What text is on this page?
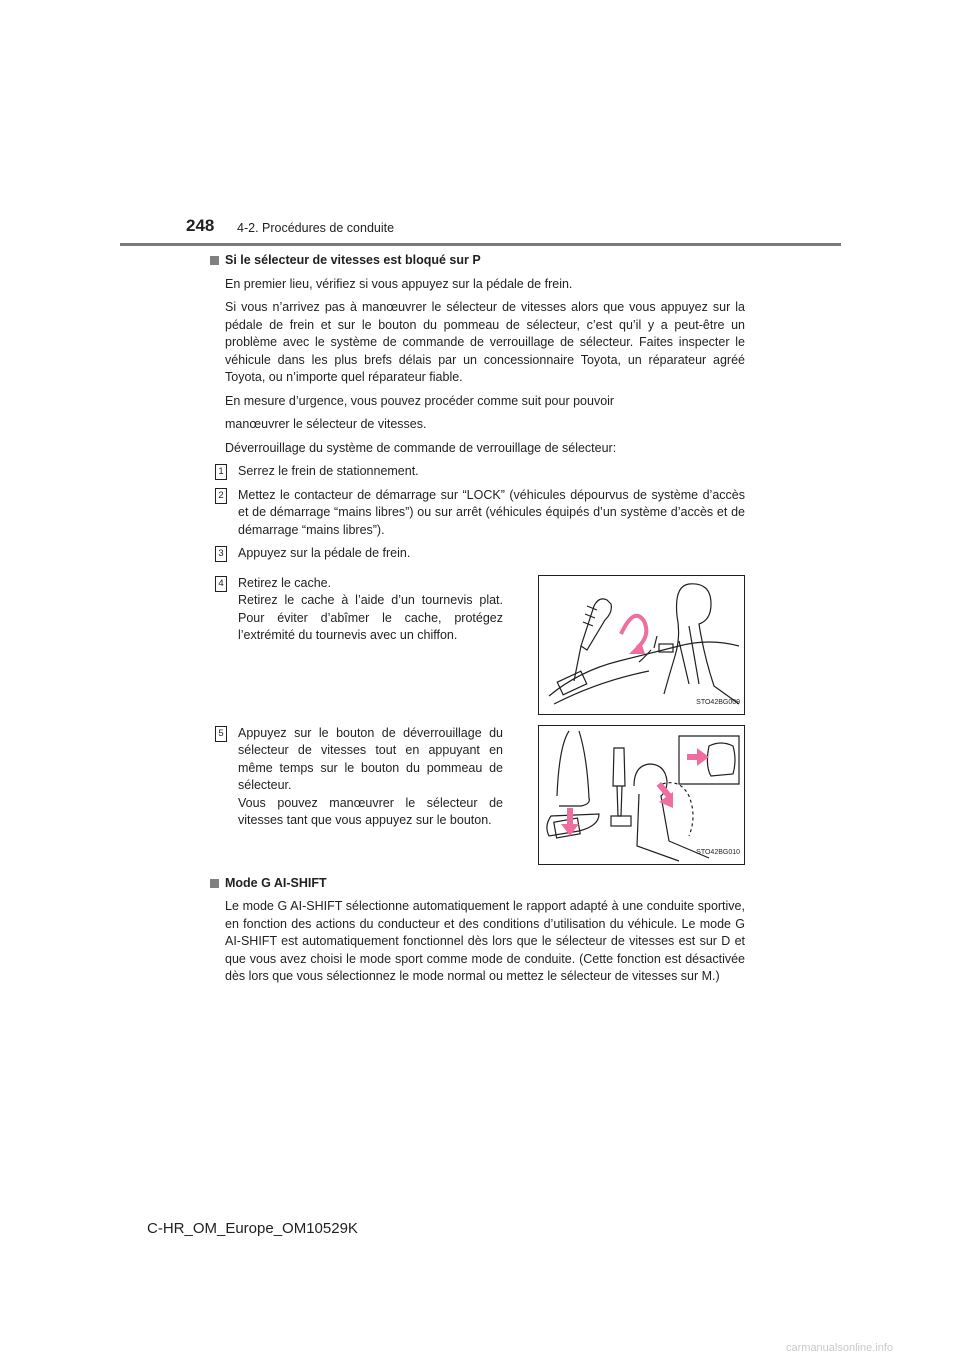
248 4-2. Procédures de conduite
Si le sélecteur de vitesses est bloqué sur P

En premier lieu, vérifiez si vous appuyez sur la pédale de frein.

Si vous n’arrivez pas à manœuvrer le sélecteur de vitesses alors que vous appuyez sur la pédale de frein et sur le bouton du pommeau de sélecteur, c’est qu’il y a peut-être un problème avec le système de commande de verrouillage de sélecteur. Faites inspecter le véhicule dans les plus brefs délais par un concessionnaire Toyota, un réparateur agréé Toyota, ou n’importe quel réparateur fiable.

En mesure d’urgence, vous pouvez procéder comme suit pour pouvoir

manœuvrer le sélecteur de vitesses.

Déverrouillage du système de commande de verrouillage de sélecteur:

1 Serrez le frein de stationnement.
2 Mettez le contacteur de démarrage sur “LOCK” (véhicules dépourvus de système d’accès et de démarrage “mains libres”) ou sur arrêt (véhicules équipés d’un système d’accès et de démarrage “mains libres”).
3 Appuyez sur la pédale de frein.
4 Retirez le cache.
Retirez le cache à l’aide d’un tournevis plat. Pour éviter d’abîmer le cache, protégez l’extrémité du tournevis avec un chiffon.
STO42BG009
5 Appuyez sur le bouton de déverrouillage du sélecteur de vitesses tout en appuyant en même temps sur le bouton du pommeau de sélecteur.
Vous pouvez manœuvrer le sélecteur de vitesses tant que vous appuyez sur le bouton.
STO42BG010
Mode G AI-SHIFT

Le mode G AI-SHIFT sélectionne automatiquement le rapport adapté à une conduite sportive, en fonction des actions du conducteur et des conditions d’utilisation du véhicule. Le mode G AI-SHIFT est automatiquement fonctionnel dès lors que le sélecteur de vitesses est sur D et que vous avez choisi le mode sport comme mode de conduite. (Cette fonction est désactivée dès lors que vous sélectionnez le mode normal ou mettez le sélecteur de vitesses sur M.)

C-HR_OM_Europe_OM10529K
carmanualsonline.info
